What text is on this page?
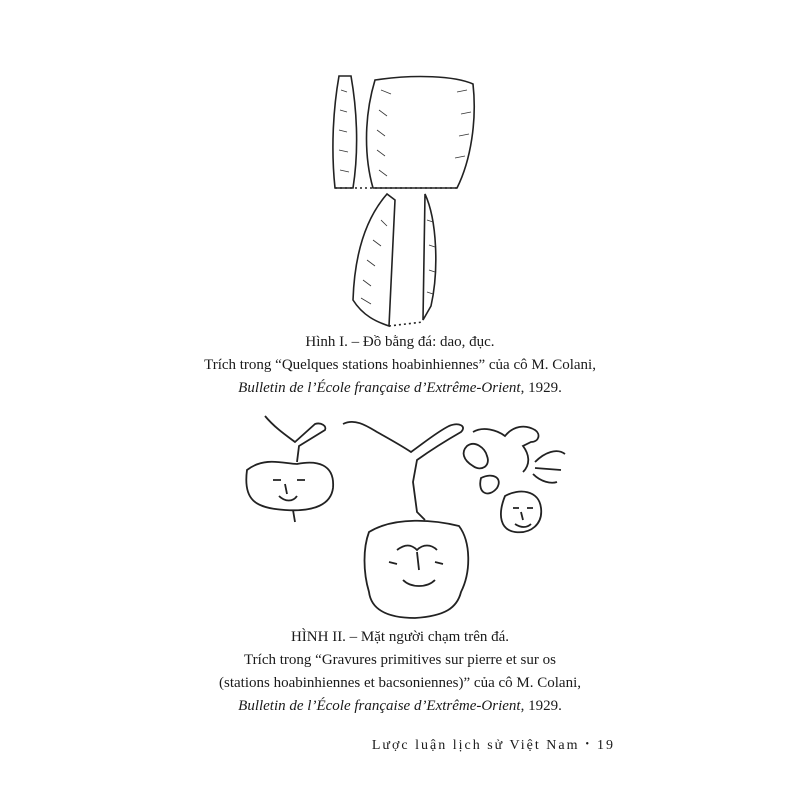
Hình I. – Đồ bằng đá: dao, đục.
Trích trong “Quelques stations hoabinhiennes” của cô M. Colani,
Bulletin de l’École française d’Extrême-Orient, 1929.
HÌNH II. – Mặt người chạm trên đá.
Trích trong “Gravures primitives sur pierre et sur os
(stations hoabinhiennes et bacsoniennes)” của cô M. Colani,
Bulletin de l’École française d’Extrême-Orient, 1929.
Lược luận lịch sử Việt Nam • 19
